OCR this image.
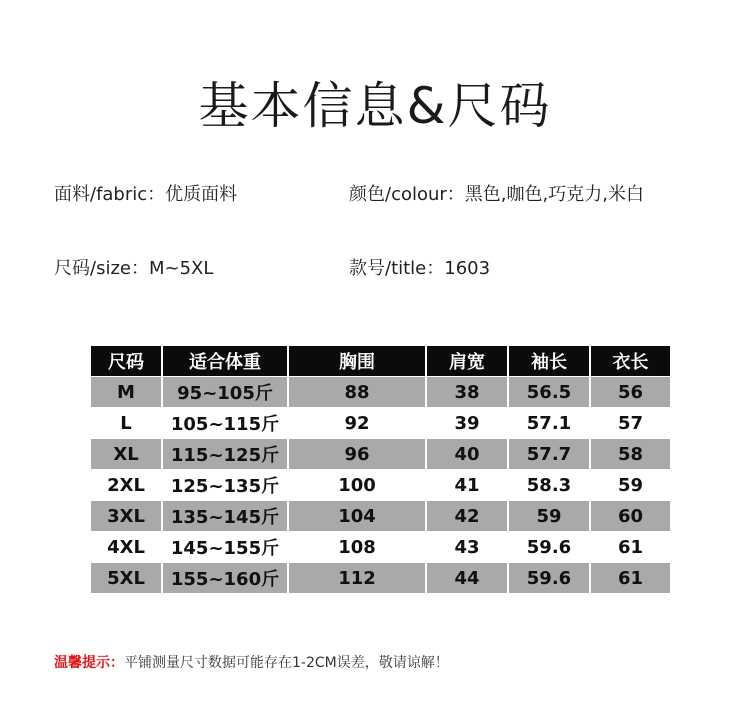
基本信息&尺码
面料/fabric：优质面料	颜色/colour：黑色,咖色,巧克力,米白
尺码/size：M~5XL	款号/title：1603
尺码	适合体重	胸围	肩宽	袖长	衣长
M	95~105斤	88	38	56.5	56
L	105~115斤	92	39	57.1	57
XL	115~125斤	96	40	57.7	58
2XL	125~135斤	100	41	58.3	59
3XL	135~145斤	104	42	59	60
4XL	145~155斤	108	43	59.6	61
5XL	155~160斤	112	44	59.6	61
温馨提示：平铺测量尺寸数据可能存在1-2CM误差，敬请谅解！
